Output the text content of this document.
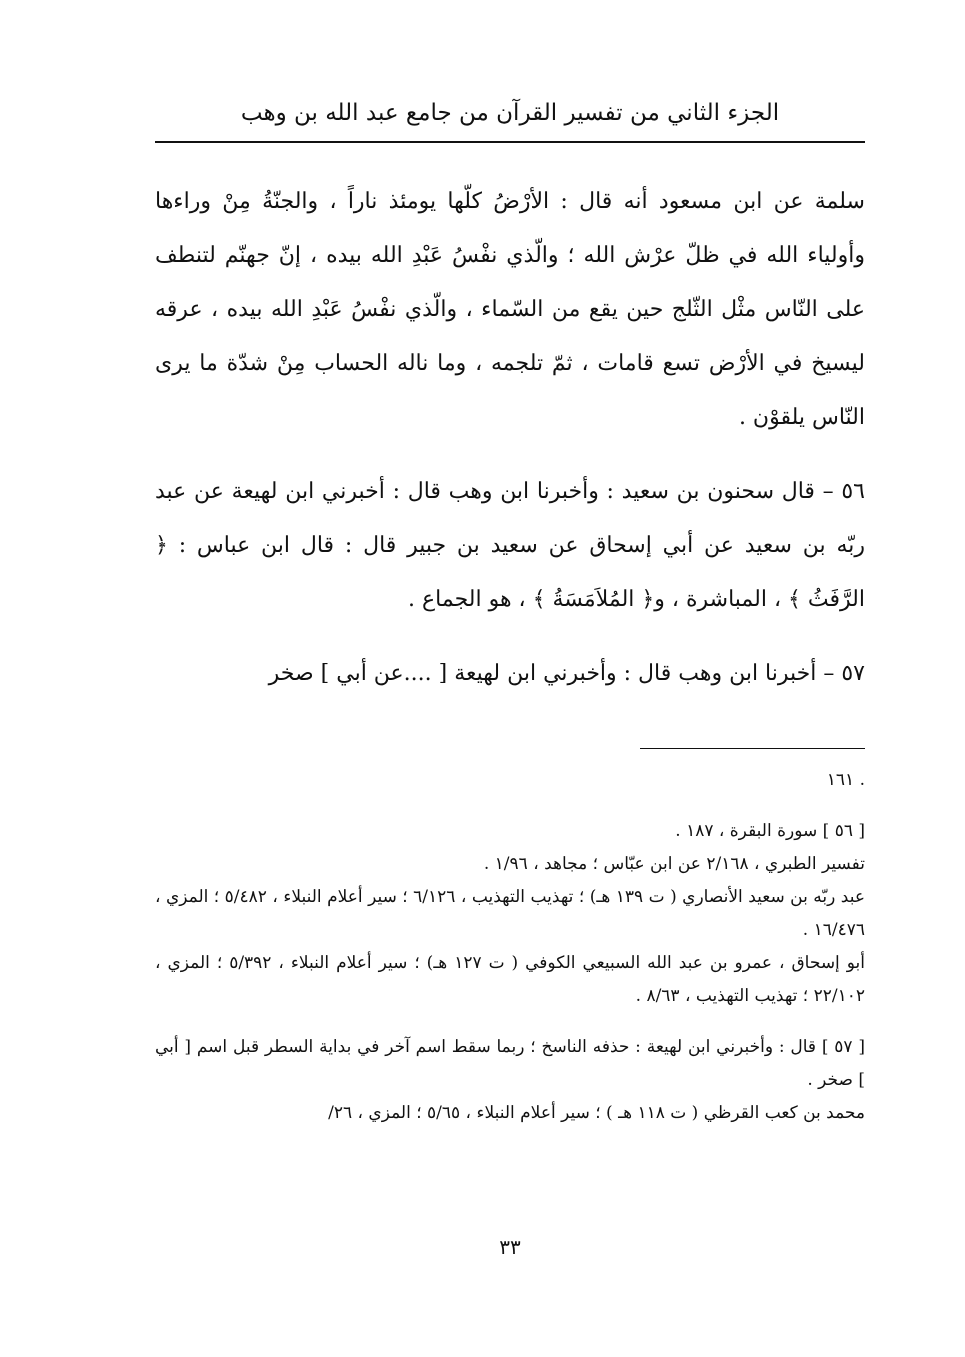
الجزء الثاني من تفسير القرآن من جامع عبد الله بن وهب

سلمة عن ابن مسعود أنه قال : الأرْضُ كلّها يومئذ ناراً ، والجنّةُ مِنْ وراءها وأولياء الله في ظلّ عرْش الله ؛ والّذي نفْسُ عَبْدِ الله بيده ، إنّ جهنّم لتنطف على النّاس مثْل الثّلج حين يقع من السّماء ، والّذي نفْسُ عَبْدِ الله بيده ، عرقه ليسيخ في الأرْض تسع قامات ، ثمّ تلجمه ، وما ناله الحساب مِنْ شدّة ما يرى النّاس يلقوْن .

٥٦ – قال سحنون بن سعيد : وأخبرنا ابن وهب قال : أخبرني ابن لهيعة عن عبد ربّه بن سعيد عن أبي إسحاق عن سعيد بن جبير قال : قال ابن عباس : ﴿ الرَّفَثُ ﴾ ، المباشرة ، و﴿ المُلاَمَسَةُ ﴾ ، هو الجماع .

٥٧ – أخبرنا ابن وهب قال : وأخبرني ابن لهيعة [ ....عن أبي ] صخر

. ١٦١

[ ٥٦ ] سورة البقرة ، ١٨٧ .

تفسير الطبري ، ٢/١٦٨ عن ابن عبّاس ؛ مجاهد ، ١/٩٦ .

عبد ربّه بن سعيد الأنصاري ( ت ١٣٩ هـ) ؛ تهذيب التهذيب ، ٦/١٢٦ ؛ سير أعلام النبلاء ، ٥/٤٨٢ ؛ المزي ، ١٦/٤٧٦ .

أبو إسحاق ، عمرو بن عبد الله السبيعي الكوفي ( ت ١٢٧ هـ) ؛ سير أعلام النبلاء ، ٥/٣٩٢ ؛ المزي ، ٢٢/١٠٢ ؛ تهذيب التهذيب ، ٨/٦٣ .

[ ٥٧ ] قال : وأخبرني ابن لهيعة : حذفه الناسخ ؛ ربما سقط اسم آخر في بداية السطر قبل اسم [ أبي ] صخر .

محمد بن كعب القرظي ( ت ١١٨ هـ ) ؛ سير أعلام النبلاء ، ٥/٦٥ ؛ المزي ، ٢٦/

٣٣
